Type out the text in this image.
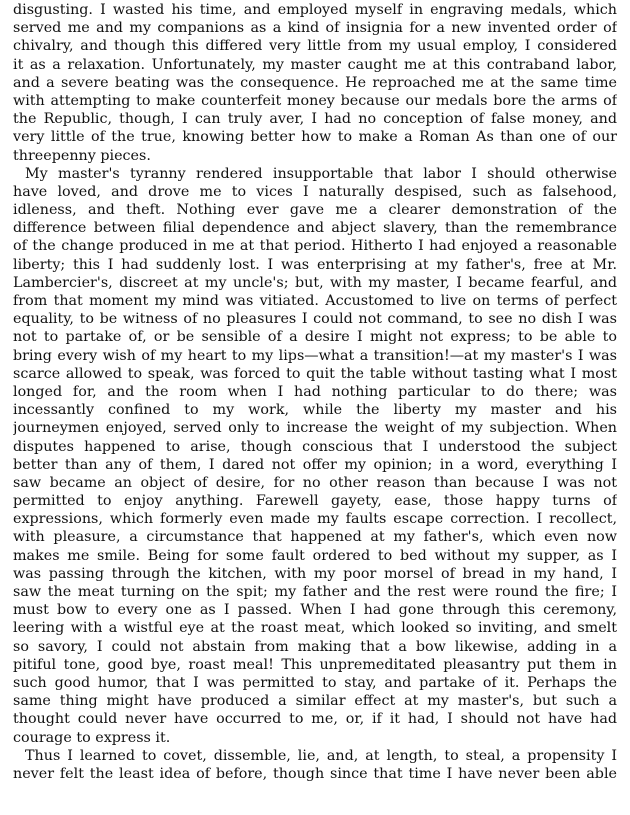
disgusting. I wasted his time, and employed myself in engraving medals, which
served me and my companions as a kind of insignia for a new invented order of
chivalry, and though this differed very little from my usual employ, I considered
it as a relaxation. Unfortunately, my master caught me at this contraband labor,
and a severe beating was the consequence. He reproached me at the same time
with attempting to make counterfeit money because our medals bore the arms of
the Republic, though, I can truly aver, I had no conception of false money, and
very little of the true, knowing better how to make a Roman As than one of our
threepenny pieces.
My master's tyranny rendered insupportable that labor I should otherwise
have loved, and drove me to vices I naturally despised, such as falsehood,
idleness, and theft. Nothing ever gave me a clearer demonstration of the
difference between filial dependence and abject slavery, than the remembrance
of the change produced in me at that period. Hitherto I had enjoyed a reasonable
liberty; this I had suddenly lost. I was enterprising at my father's, free at Mr.
Lambercier's, discreet at my uncle's; but, with my master, I became fearful, and
from that moment my mind was vitiated. Accustomed to live on terms of perfect
equality, to be witness of no pleasures I could not command, to see no dish I was
not to partake of, or be sensible of a desire I might not express; to be able to
bring every wish of my heart to my lips—what a transition!—at my master's I was
scarce allowed to speak, was forced to quit the table without tasting what I most
longed for, and the room when I had nothing particular to do there; was
incessantly confined to my work, while the liberty my master and his
journeymen enjoyed, served only to increase the weight of my subjection. When
disputes happened to arise, though conscious that I understood the subject
better than any of them, I dared not offer my opinion; in a word, everything I
saw became an object of desire, for no other reason than because I was not
permitted to enjoy anything. Farewell gayety, ease, those happy turns of
expressions, which formerly even made my faults escape correction. I recollect,
with pleasure, a circumstance that happened at my father's, which even now
makes me smile. Being for some fault ordered to bed without my supper, as I
was passing through the kitchen, with my poor morsel of bread in my hand, I
saw the meat turning on the spit; my father and the rest were round the fire; I
must bow to every one as I passed. When I had gone through this ceremony,
leering with a wistful eye at the roast meat, which looked so inviting, and smelt
so savory, I could not abstain from making that a bow likewise, adding in a
pitiful tone, good bye, roast meal! This unpremeditated pleasantry put them in
such good humor, that I was permitted to stay, and partake of it. Perhaps the
same thing might have produced a similar effect at my master's, but such a
thought could never have occurred to me, or, if it had, I should not have had
courage to express it.
Thus I learned to covet, dissemble, lie, and, at length, to steal, a propensity I
never felt the least idea of before, though since that time I have never been able
